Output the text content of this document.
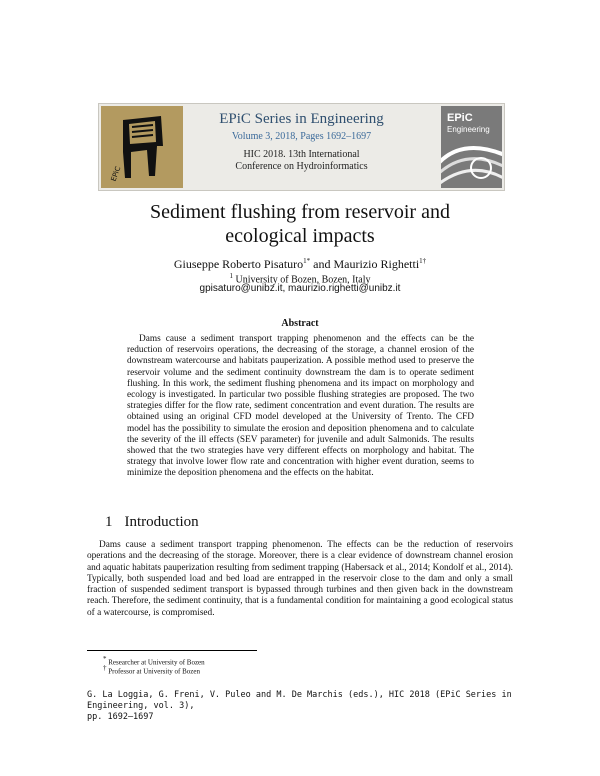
EPiC
EPiC Series in Engineering
Volume 3, 2018, Pages 1692–1697
HIC 2018. 13th International
Conference on Hydroinformatics
EPiC
Engineering
Sediment flushing from reservoir and
ecological impacts
Giuseppe Roberto Pisaturo$^{1*}$ and Maurizio Righetti$^{1\dagger}$
$^1$ University of Bozen, Bozen, Italy
gpisaturo@unibz.it, maurizio.righetti@unibz.it
Abstract
Dams cause a sediment transport trapping phenomenon and the effects can be the reduction of reservoirs operations, the decreasing of the storage, a channel erosion of the downstream watercourse and habitats pauperization. A possible method used to preserve the reservoir volume and the sediment continuity downstream the dam is to operate sediment flushing. In this work, the sediment flushing phenomena and its impact on morphology and ecology is investigated. In particular two possible flushing strategies are proposed. The two strategies differ for the flow rate, sediment concentration and event duration. The results are obtained using an original CFD model developed at the University of Trento. The CFD model has the possibility to simulate the erosion and deposition phenomena and to calculate the severity of the ill effects (SEV parameter) for juvenile and adult Salmonids. The results showed that the two strategies have very different effects on morphology and habitat. The strategy that involve lower flow rate and concentration with higher event duration, seems to minimize the deposition phenomena and the effects on the habitat.
1 Introduction
Dams cause a sediment transport trapping phenomenon. The effects can be the reduction of reservoirs operations and the decreasing of the storage. Moreover, there is a clear evidence of downstream channel erosion and aquatic habitats pauperization resulting from sediment trapping (Habersack et al., 2014; Kondolf et al., 2014). Typically, both suspended load and bed load are entrapped in the reservoir close to the dam and only a small fraction of suspended sediment transport is bypassed through turbines and then given back in the downstream reach. Therefore, the sediment continuity, that is a fundamental condition for maintaining a good ecological status of a watercourse, is compromised.
* Researcher at University of Bozen
† Professor at University of Bozen
G. La Loggia, G. Freni, V. Puleo and M. De Marchis (eds.), HIC 2018 (EPiC Series in Engineering, vol. 3),
pp. 1692–1697
